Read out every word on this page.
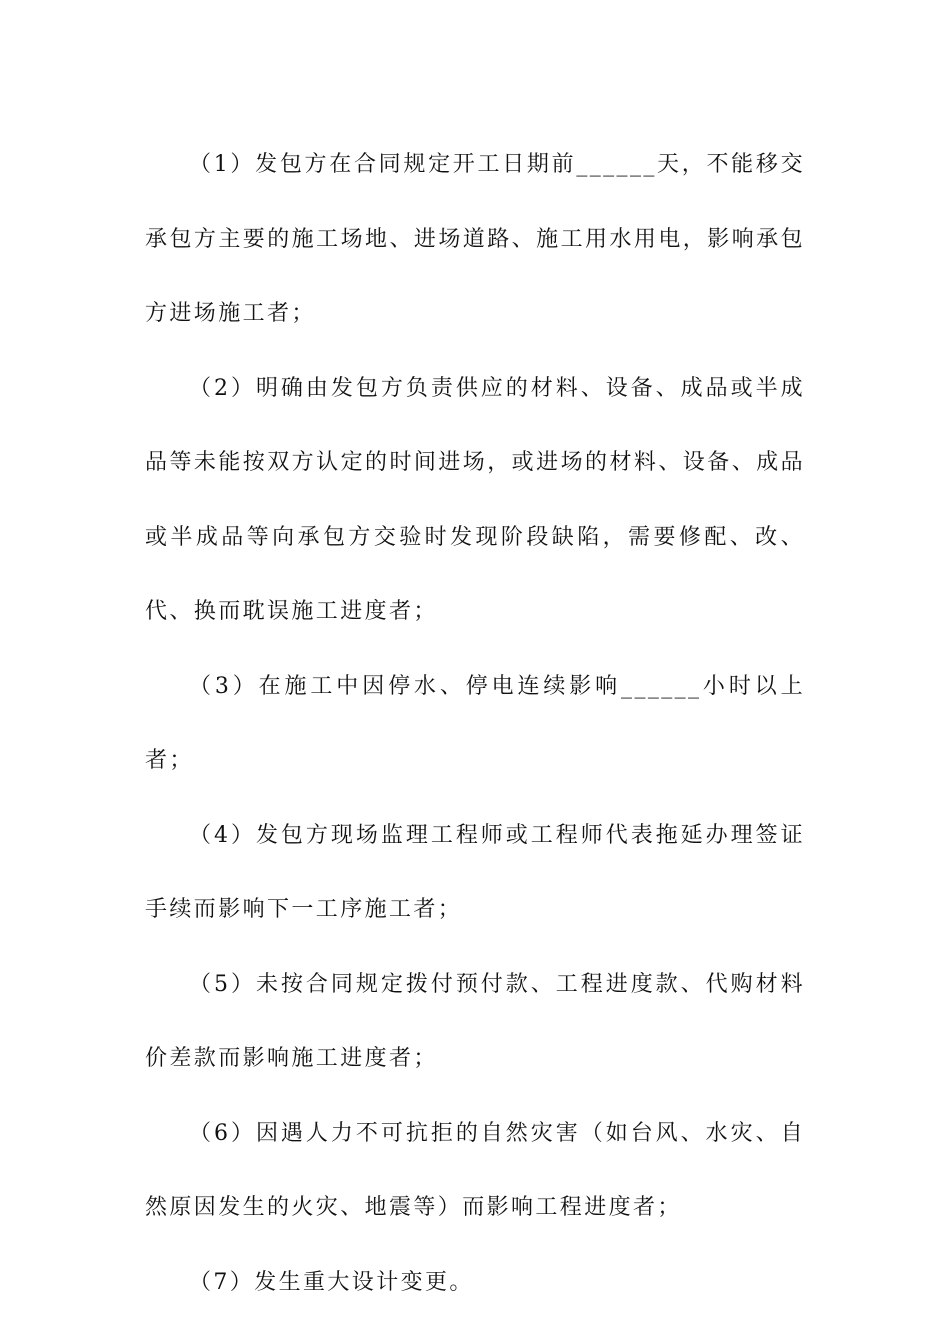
（1）发包方在合同规定开工日期前______天，不能移交承包方主要的施工场地、进场道路、施工用水用电，影响承包方进场施工者；

（2）明确由发包方负责供应的材料、设备、成品或半成品等未能按双方认定的时间进场，或进场的材料、设备、成品或半成品等向承包方交验时发现阶段缺陷，需要修配、改、代、换而耽误施工进度者；

（3）在施工中因停水、停电连续影响______小时以上者；

（4）发包方现场监理工程师或工程师代表拖延办理签证手续而影响下一工序施工者；

（5）未按合同规定拨付预付款、工程进度款、代购材料价差款而影响施工进度者；

（6）因遇人力不可抗拒的自然灾害（如台风、水灾、自然原因发生的火灾、地震等）而影响工程进度者；

（7）发生重大设计变更。
